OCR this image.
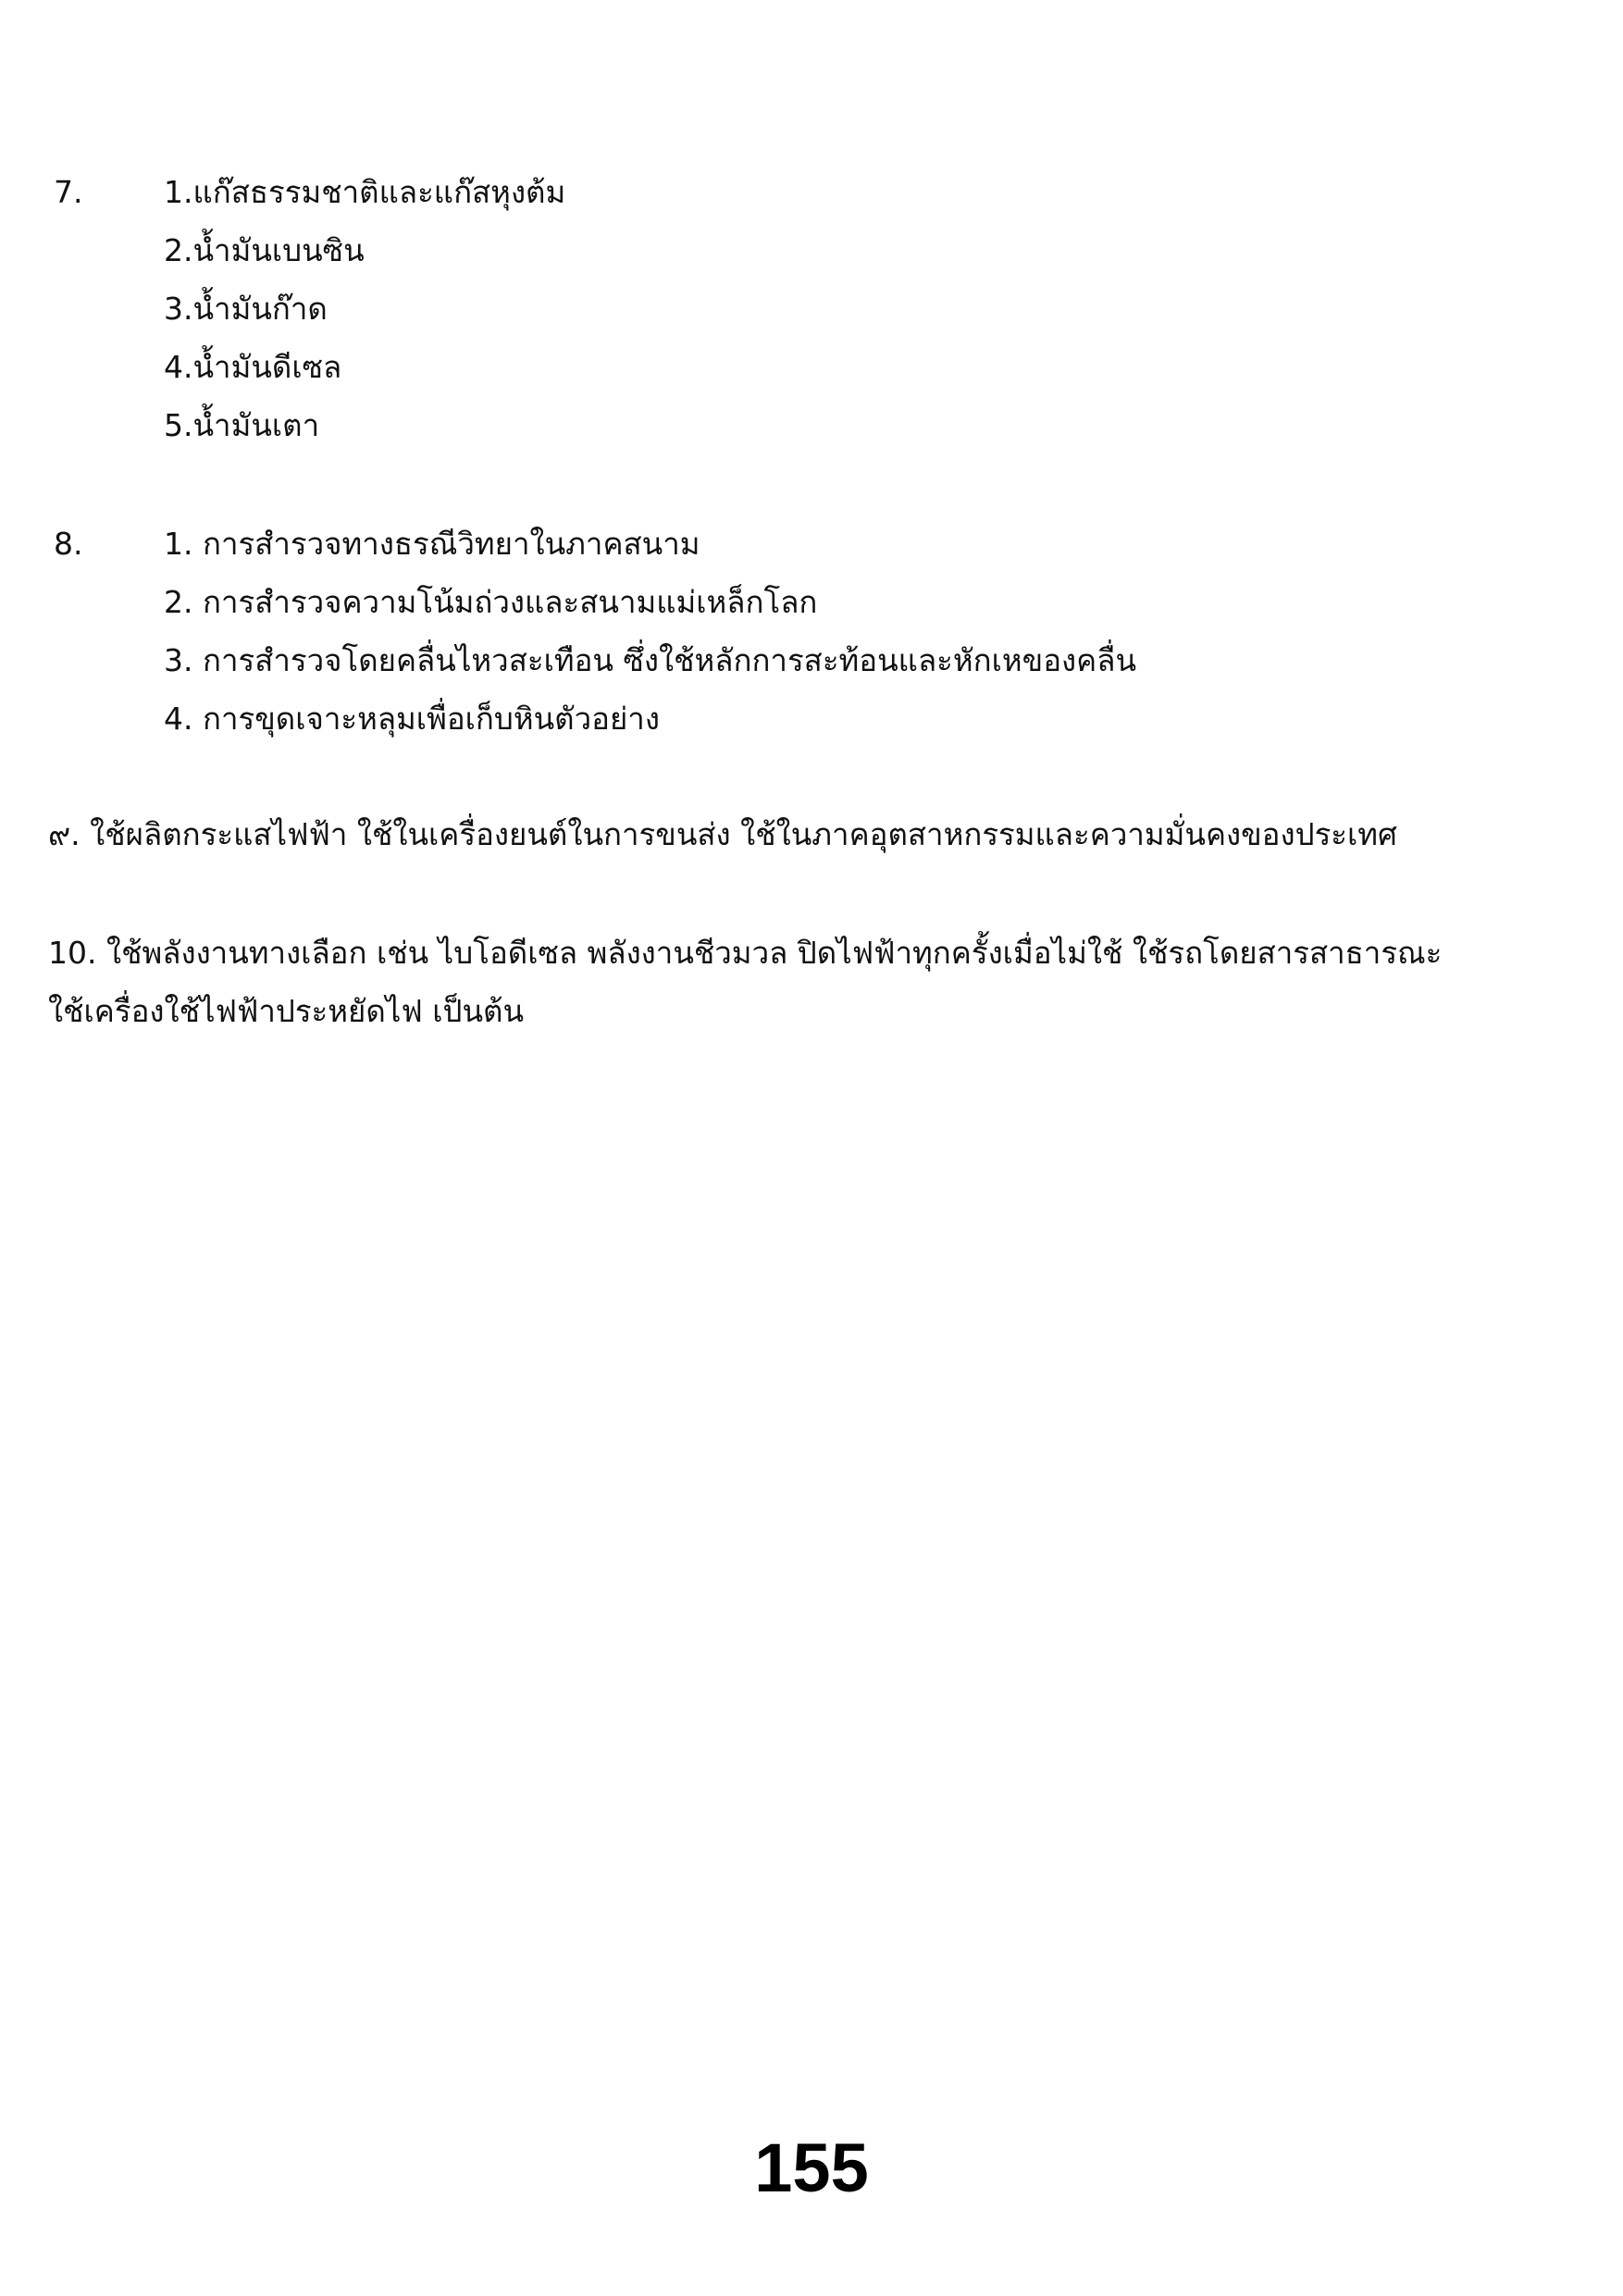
7.	1.แก๊สธรรมชาติและแก๊สหุงต้ม
2.น้ำมันเบนซิน
3.น้ำมันก๊าด
4.น้ำมันดีเซล
5.น้ำมันเตา
8.	1. การสำรวจทางธรณีวิทยาในภาคสนาม
2. การสำรวจความโน้มถ่วงและสนามแม่เหล็กโลก
3. การสำรวจโดยคลื่นไหวสะเทือน ซึ่งใช้หลักการสะท้อนและหักเหของคลื่น
4. การขุดเจาะหลุมเพื่อเก็บหินตัวอย่าง
๙. ใช้ผลิตกระแสไฟฟ้า ใช้ในเครื่องยนต์ในการขนส่ง ใช้ในภาคอุตสาหกรรมและความมั่นคงของประเทศ
10. ใช้พลังงานทางเลือก เช่น ไบโอดีเซล พลังงานชีวมวล ปิดไฟฟ้าทุกครั้งเมื่อไม่ใช้ ใช้รถโดยสารสาธารณะ
ใช้เครื่องใช้ไฟฟ้าประหยัดไฟ เป็นต้น
155
